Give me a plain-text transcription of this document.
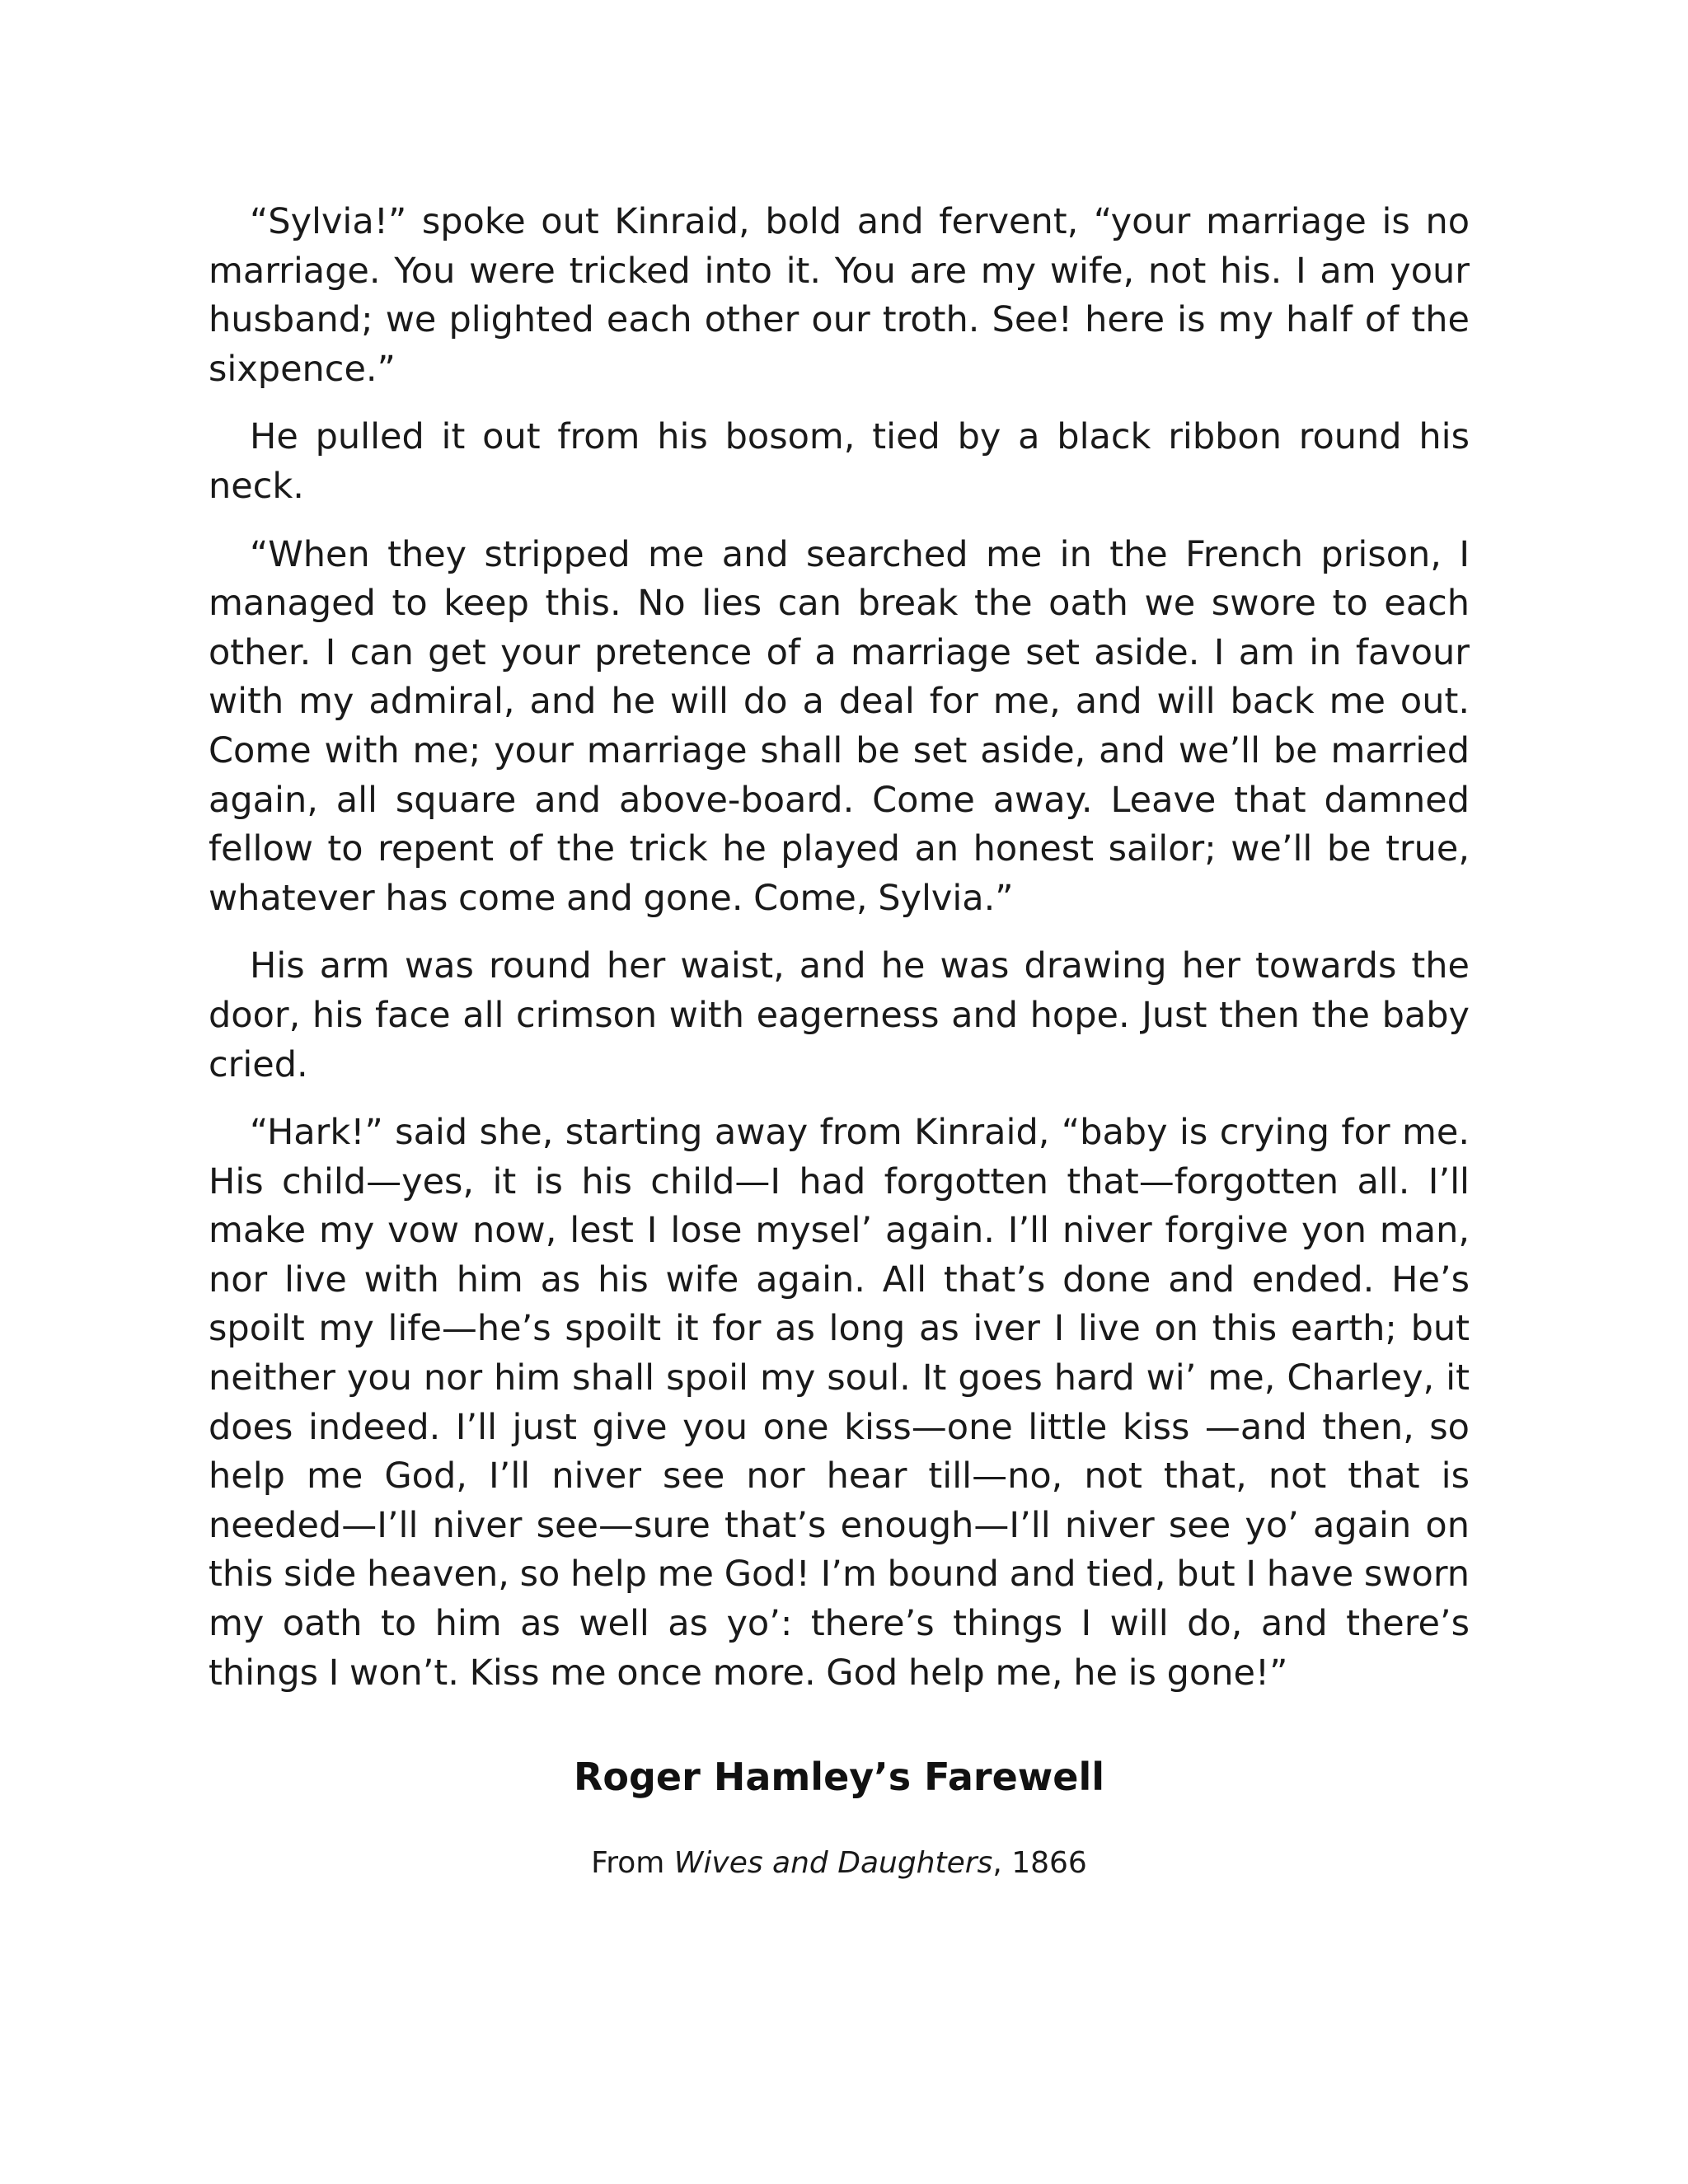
“Sylvia!” spoke out Kinraid, bold and fervent, “your marriage is no marriage. You were tricked into it. You are my wife, not his. I am your husband; we plighted each other our troth. See! here is my half of the sixpence.”

He pulled it out from his bosom, tied by a black ribbon round his neck.

“When they stripped me and searched me in the French prison, I managed to keep this. No lies can break the oath we swore to each other. I can get your pretence of a marriage set aside. I am in favour with my admiral, and he will do a deal for me, and will back me out. Come with me; your marriage shall be set aside, and we’ll be married again, all square and above-board. Come away. Leave that damned fellow to repent of the trick he played an honest sailor; we’ll be true, whatever has come and gone. Come, Sylvia.”

His arm was round her waist, and he was drawing her towards the door, his face all crimson with eagerness and hope. Just then the baby cried.

“Hark!” said she, starting away from Kinraid, “baby is crying for me. His child—yes, it is his child—I had forgotten that—forgotten all. I’ll make my vow now, lest I lose mysel’ again. I’ll niver forgive yon man, nor live with him as his wife again. All that’s done and ended. He’s spoilt my life—he’s spoilt it for as long as iver I live on this earth; but neither you nor him shall spoil my soul. It goes hard wi’ me, Charley, it does indeed. I’ll just give you one kiss—one little kiss —and then, so help me God, I’ll niver see nor hear till—no, not that, not that is needed—I’ll niver see—sure that’s enough—I’ll niver see yo’ again on this side heaven, so help me God! I’m bound and tied, but I have sworn my oath to him as well as yo’: there’s things I will do, and there’s things I won’t. Kiss me once more. God help me, he is gone!”

Roger Hamley’s Farewell
From Wives and Daughters, 1866
